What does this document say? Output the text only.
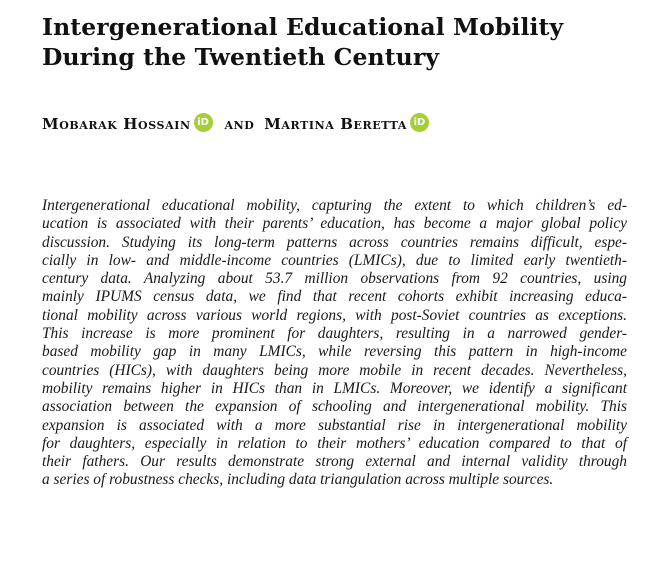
Intergenerational Educational Mobility
During the Twentieth Century
Mobarak Hossain iD and Martina Beretta iD
Intergenerational educational mobility, capturing the extent to which children’s ed-
ucation is associated with their parents’ education, has become a major global policy
discussion. Studying its long-term patterns across countries remains difficult, espe-
cially in low- and middle-income countries (LMICs), due to limited early twentieth-
century data. Analyzing about 53.7 million observations from 92 countries, using
mainly IPUMS census data, we find that recent cohorts exhibit increasing educa-
tional mobility across various world regions, with post-Soviet countries as exceptions.
This increase is more prominent for daughters, resulting in a narrowed gender-
based mobility gap in many LMICs, while reversing this pattern in high-income
countries (HICs), with daughters being more mobile in recent decades. Nevertheless,
mobility remains higher in HICs than in LMICs. Moreover, we identify a significant
association between the expansion of schooling and intergenerational mobility. This
expansion is associated with a more substantial rise in intergenerational mobility
for daughters, especially in relation to their mothers’ education compared to that of
their fathers. Our results demonstrate strong external and internal validity through
a series of robustness checks, including data triangulation across multiple sources.
